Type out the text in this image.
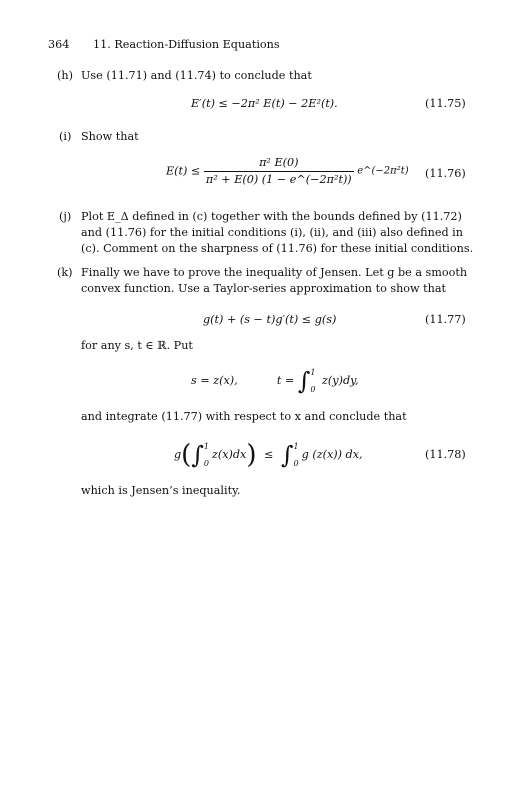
364 11. Reaction-Diffusion Equations
(h) Use (11.71) and (11.74) to conclude that
E′(t) ≤ −2π² E(t) − 2E²(t).	(11.75)
(i) Show that
$E(t) \le \frac{\text{π² E(0)}}{\text{π² + E(0) (1 − e\textasciicircum{}(−2π²t))}}$ e^(−2π²t) (11.76)
(j) Plot E_Δ defined in (c) together with the bounds defined by (11.72)
and (11.76) for the initial conditions (i), (ii), and (iii) also defined in
(c). Comment on the sharpness of (11.76) for these initial conditions.
(k) Finally we have to prove the inequality of Jensen. Let g be a smooth
convex function. Use a Taylor-series approximation to show that
g(t) + (s − t)g′(t) ≤ g(s)	(11.77)
for any s, t ∈ ℝ. Put
s = z(x),	t = ∫ 1
0
z(y)dy,
and integrate (11.77) with respect to x and conclude that
g(∫ 1
0
z(x)dx) ≤ ∫ 1
0
g (z(x)) dx,	(11.78)
which is Jensen’s inequality.
